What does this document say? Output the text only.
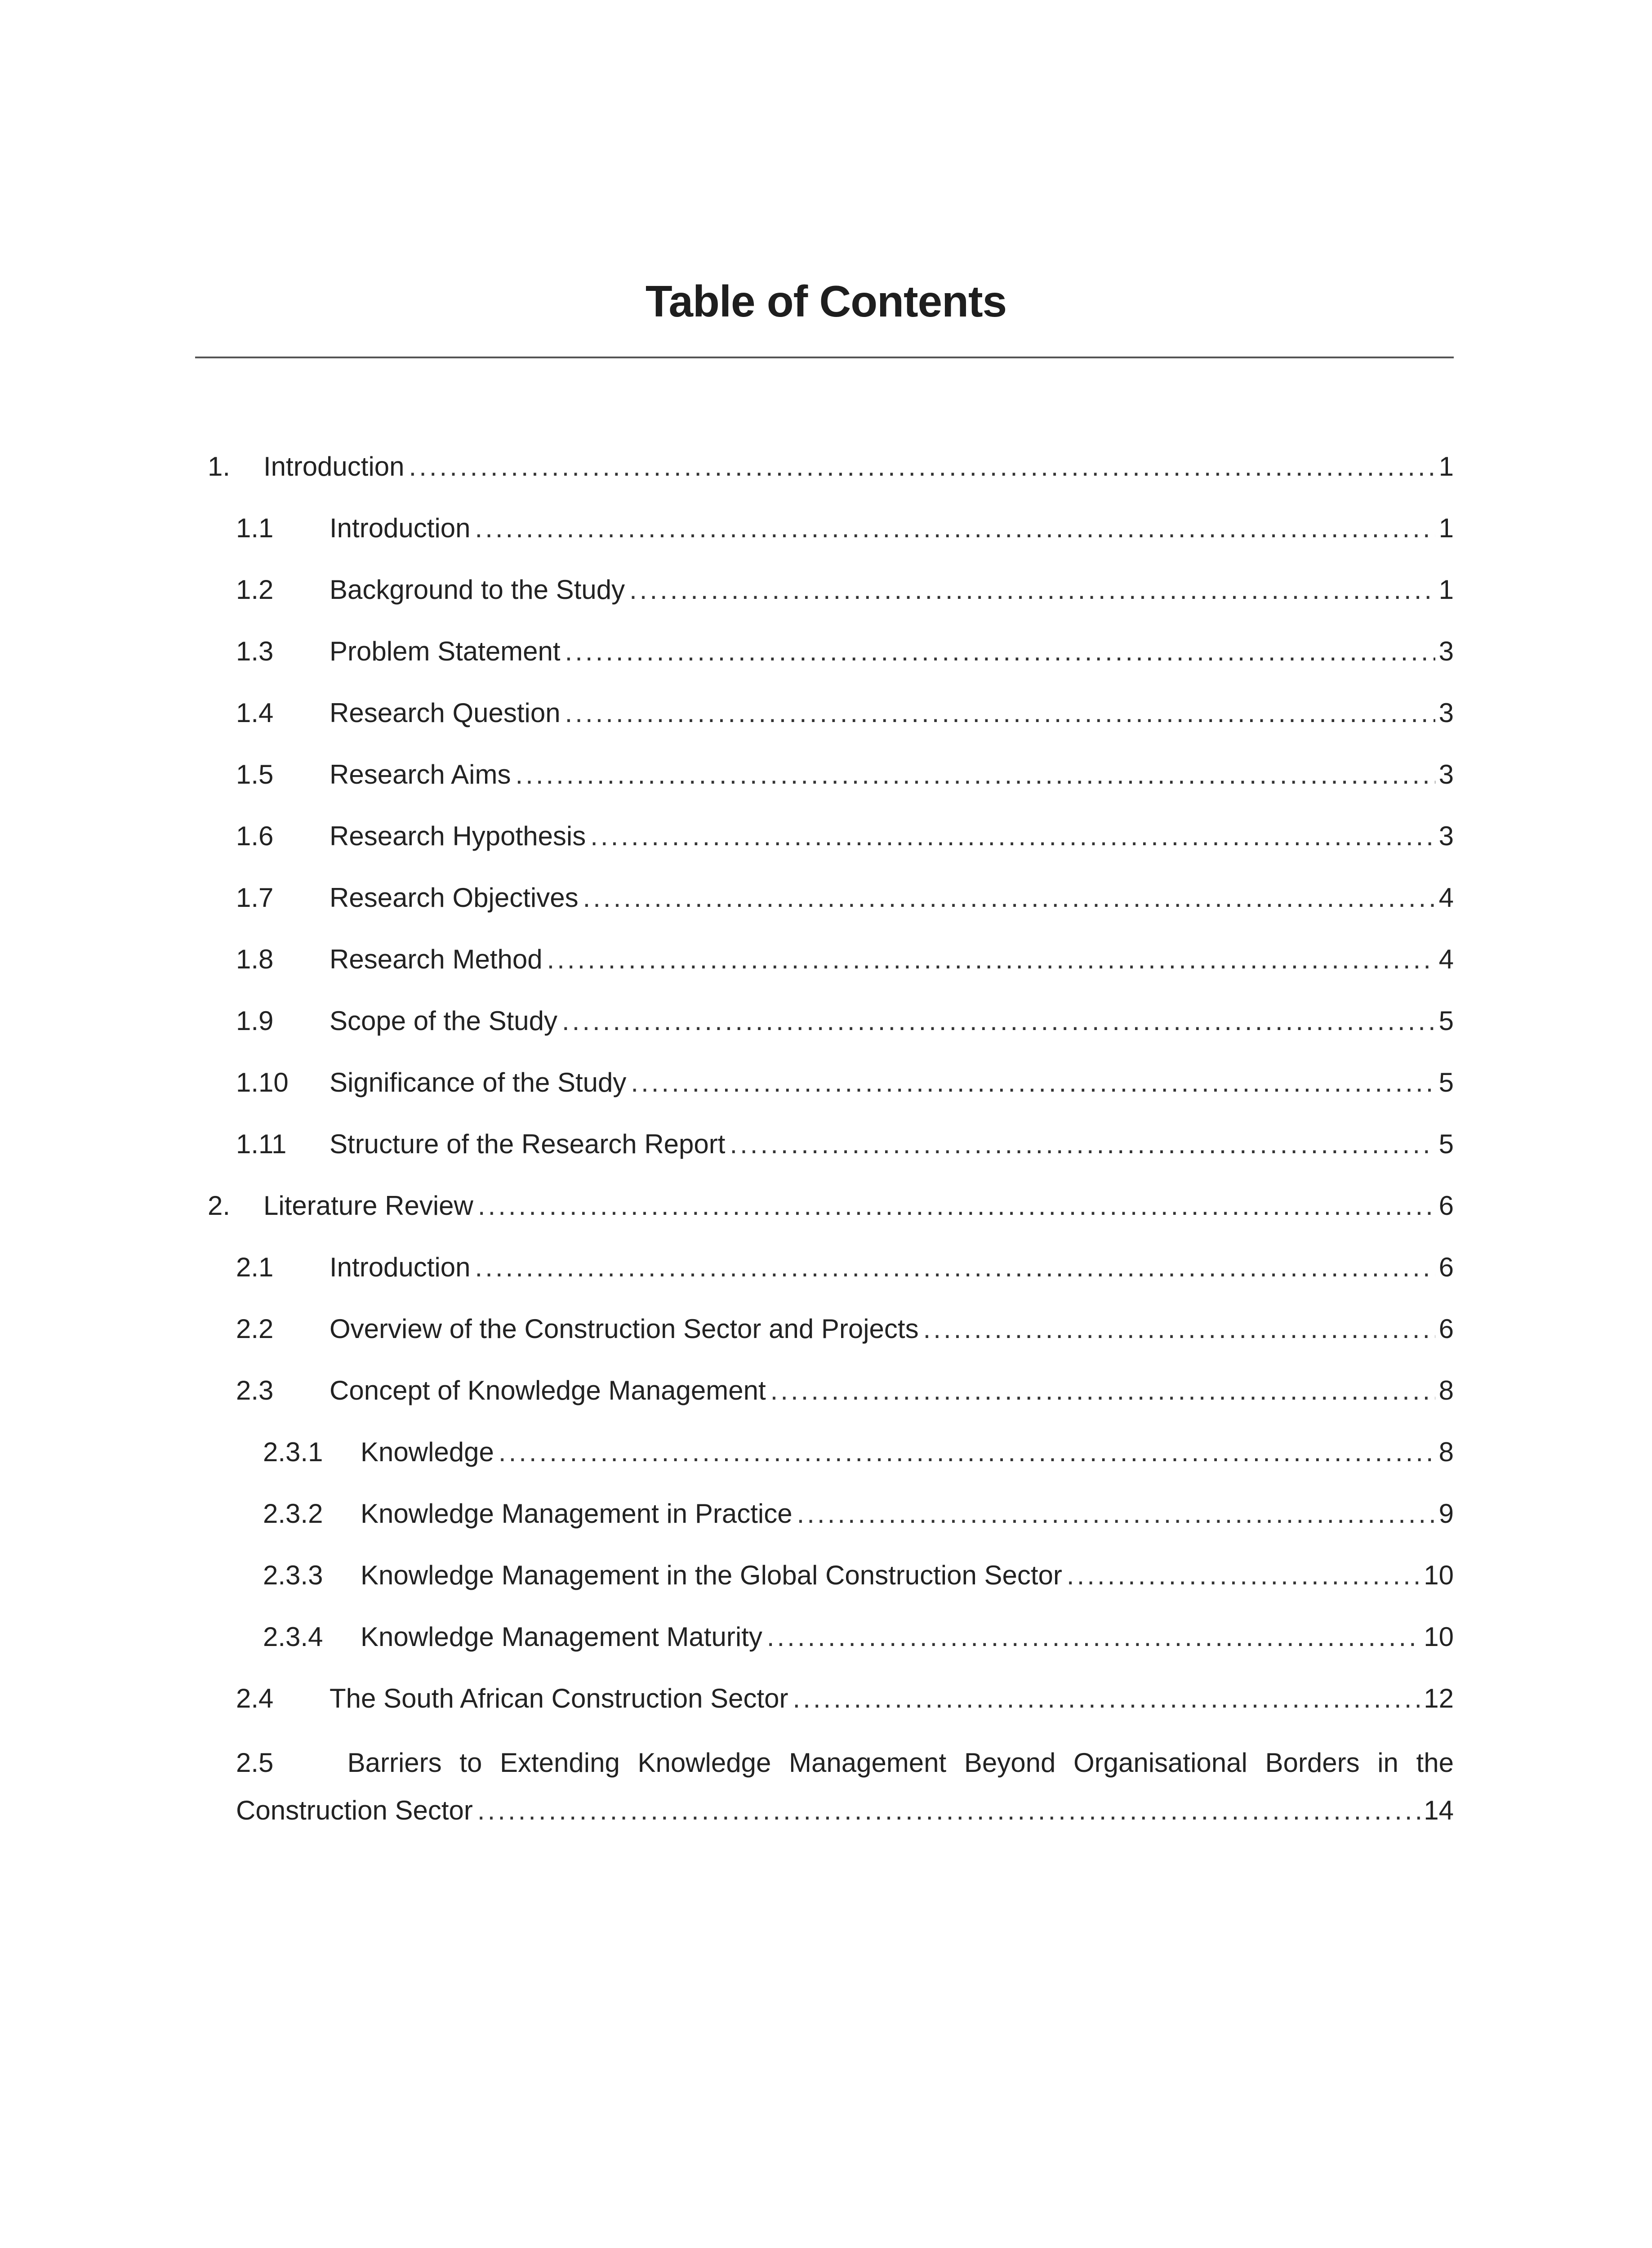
Table of Contents
1.	Introduction .....	1
1.1	Introduction .....	1
1.2	Background to the Study .....	1
1.3	Problem Statement .....	3
1.4	Research Question .....	3
1.5	Research Aims .....	3
1.6	Research Hypothesis .....	3
1.7	Research Objectives .....	4
1.8	Research Method .....	4
1.9	Scope of the Study .....	5
1.10	Significance of the Study .....	5
1.11	Structure of the Research Report .....	5
2.	Literature Review .....	6
2.1	Introduction .....	6
2.2	Overview of the Construction Sector and Projects .....	6
2.3	Concept of Knowledge Management .....	8
2.3.1	Knowledge .....	8
2.3.2	Knowledge Management in Practice .....	9
2.3.3	Knowledge Management in the Global Construction Sector .....	10
2.3.4	Knowledge Management Maturity .....	10
2.4	The South African Construction Sector .....	12
2.5	Barriers to Extending Knowledge Management Beyond Organisational Borders in the
Construction Sector .....	14
